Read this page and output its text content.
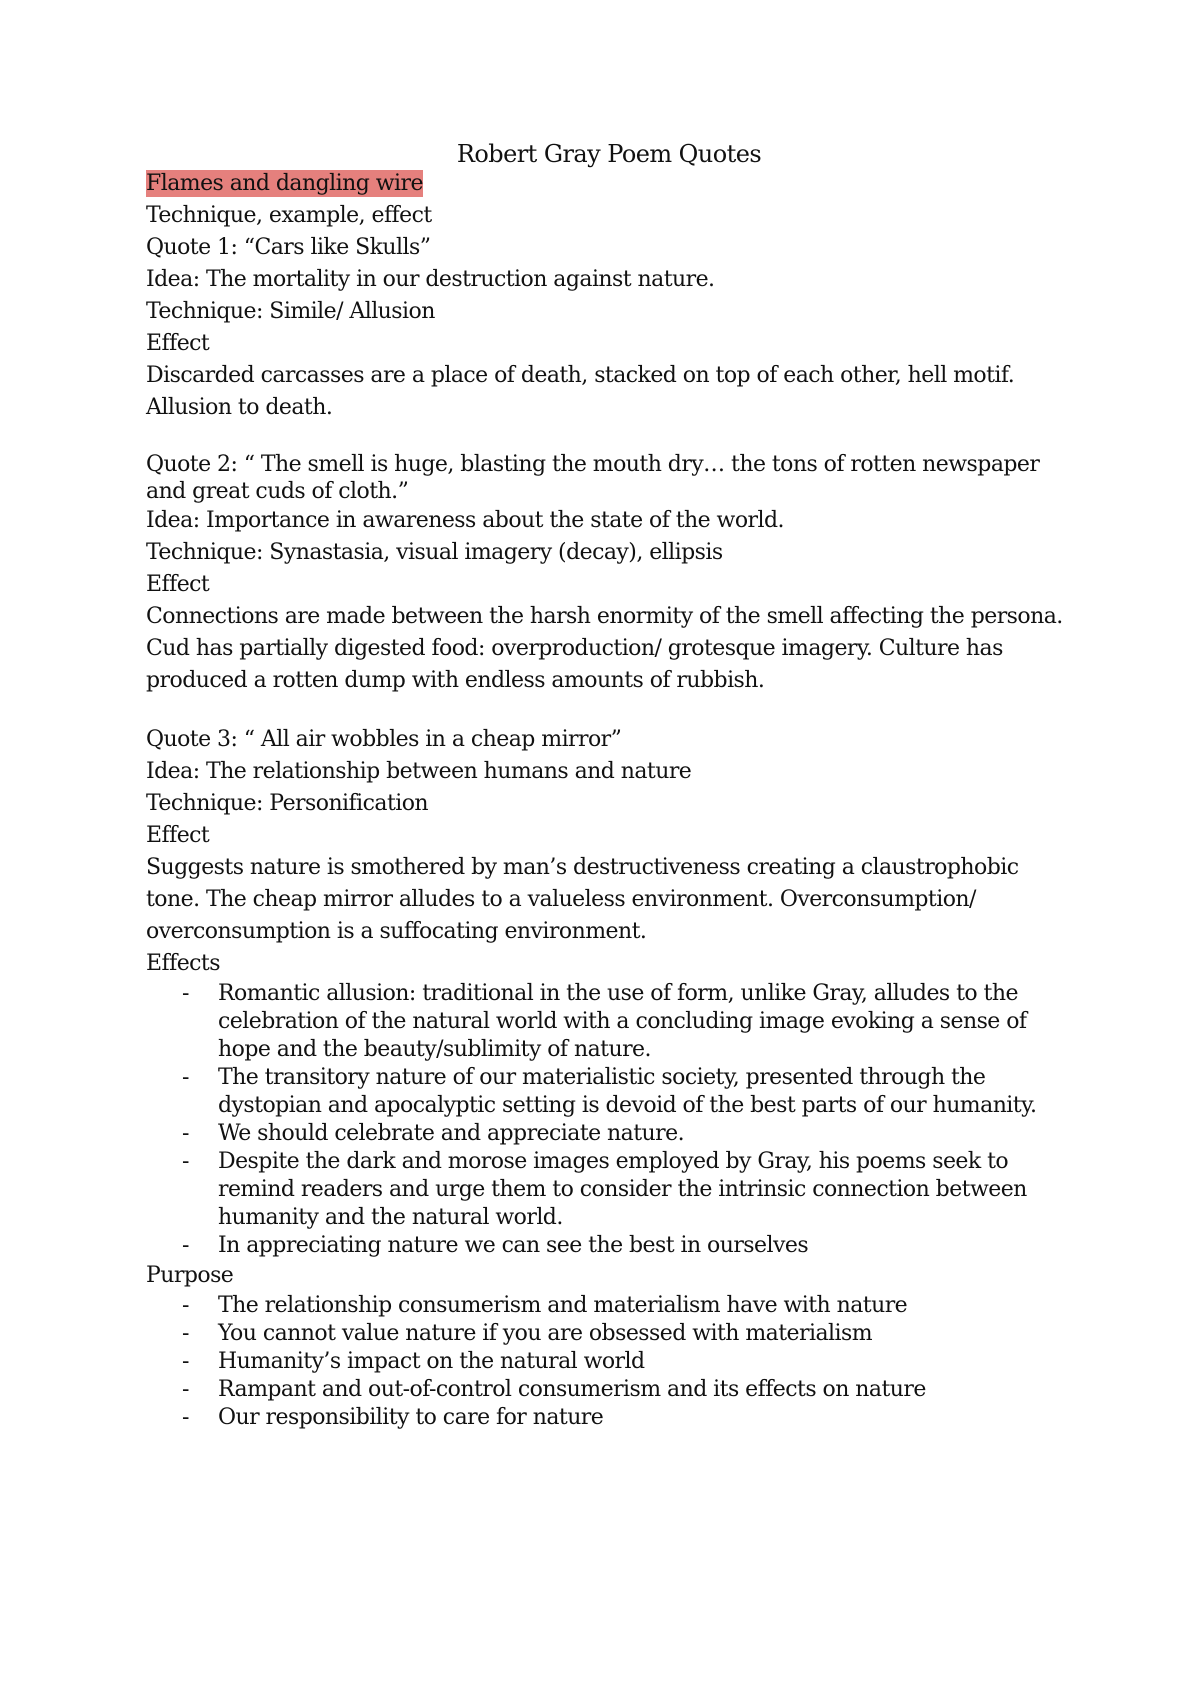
Robert Gray Poem Quotes

Flames and dangling wire

Technique, example, effect

Quote 1: “Cars like Skulls”

Idea: The mortality in our destruction against nature.

Technique: Simile/ Allusion

Effect

Discarded carcasses are a place of death, stacked on top of each other, hell motif. Allusion to death.

Quote 2: “ The smell is huge, blasting the mouth dry… the tons of rotten newspaper and great cuds of cloth.”

Idea: Importance in awareness about the state of the world.

Technique: Synastasia, visual imagery (decay), ellipsis

Effect

Connections are made between the harsh enormity of the smell affecting the persona. Cud has partially digested food: overproduction/ grotesque imagery. Culture has produced a rotten dump with endless amounts of rubbish.

Quote 3: “ All air wobbles in a cheap mirror”

Idea: The relationship between humans and nature

Technique: Personification

Effect

Suggests nature is smothered by man’s destructiveness creating a claustrophobic tone. The cheap mirror alludes to a valueless environment. Overconsumption/ overconsumption is a suffocating environment.

Effects

- Romantic allusion: traditional in the use of form, unlike Gray, alludes to the celebration of the natural world with a concluding image evoking a sense of hope and the beauty/sublimity of nature.
- The transitory nature of our materialistic society, presented through the dystopian and apocalyptic setting is devoid of the best parts of our humanity.
- We should celebrate and appreciate nature.
- Despite the dark and morose images employed by Gray, his poems seek to remind readers and urge them to consider the intrinsic connection between humanity and the natural world.
- In appreciating nature we can see the best in ourselves

Purpose

- The relationship consumerism and materialism have with nature
- You cannot value nature if you are obsessed with materialism
- Humanity’s impact on the natural world
- Rampant and out-of-control consumerism and its effects on nature
- Our responsibility to care for nature
